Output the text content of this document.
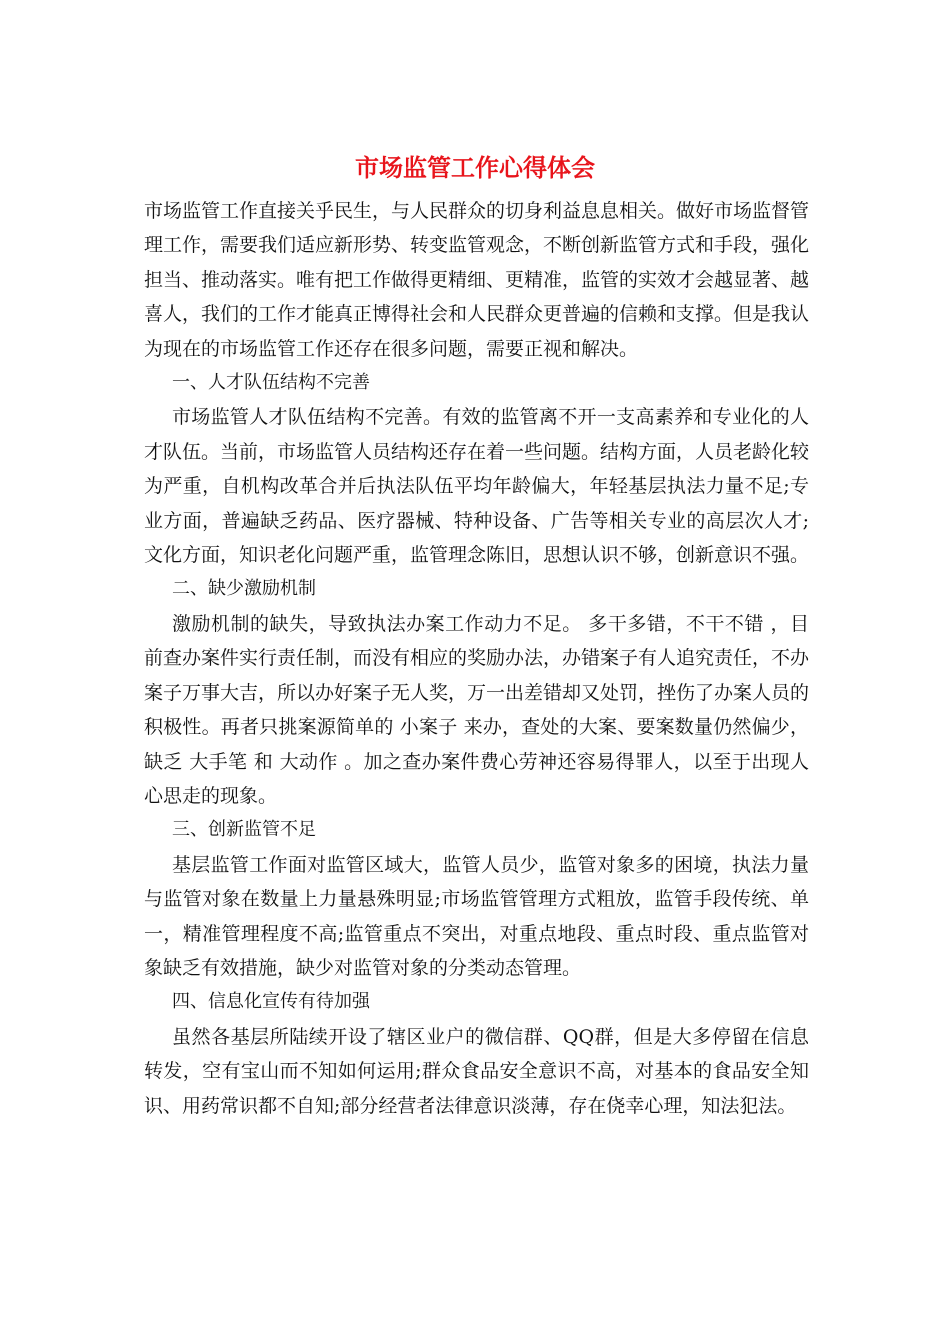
市场监管工作心得体会

市场监管工作直接关乎民生，与人民群众的切身利益息息相关。做好市场监督管理工作，需要我们适应新形势、转变监管观念，不断创新监管方式和手段，强化担当、推动落实。唯有把工作做得更精细、更精准，监管的实效才会越显著、越喜人，我们的工作才能真正博得社会和人民群众更普遍的信赖和支撑。但是我认为现在的市场监管工作还存在很多问题，需要正视和解决。

一、人才队伍结构不完善

市场监管人才队伍结构不完善。有效的监管离不开一支高素养和专业化的人才队伍。当前，市场监管人员结构还存在着一些问题。结构方面，人员老龄化较为严重，自机构改革合并后执法队伍平均年龄偏大，年轻基层执法力量不足;专业方面，普遍缺乏药品、医疗器械、特种设备、广告等相关专业的高层次人才;文化方面，知识老化问题严重，监管理念陈旧，思想认识不够，创新意识不强。

二、缺少激励机制

激励机制的缺失，导致执法办案工作动力不足。 多干多错，不干不错 ，目前查办案件实行责任制，而没有相应的奖励办法，办错案子有人追究责任，不办案子万事大吉，所以办好案子无人奖，万一出差错却又处罚，挫伤了办案人员的积极性。再者只挑案源简单的 小案子 来办，查处的大案、要案数量仍然偏少，缺乏 大手笔 和 大动作 。加之查办案件费心劳神还容易得罪人，以至于出现人心思走的现象。

三、创新监管不足

基层监管工作面对监管区域大，监管人员少，监管对象多的困境，执法力量与监管对象在数量上力量悬殊明显;市场监管管理方式粗放，监管手段传统、单一，精准管理程度不高;监管重点不突出，对重点地段、重点时段、重点监管对象缺乏有效措施，缺少对监管对象的分类动态管理。

四、信息化宣传有待加强

虽然各基层所陆续开设了辖区业户的微信群、QQ群，但是大多停留在信息转发，空有宝山而不知如何运用;群众食品安全意识不高，对基本的食品安全知识、用药常识都不自知;部分经营者法律意识淡薄，存在侥幸心理，知法犯法。
